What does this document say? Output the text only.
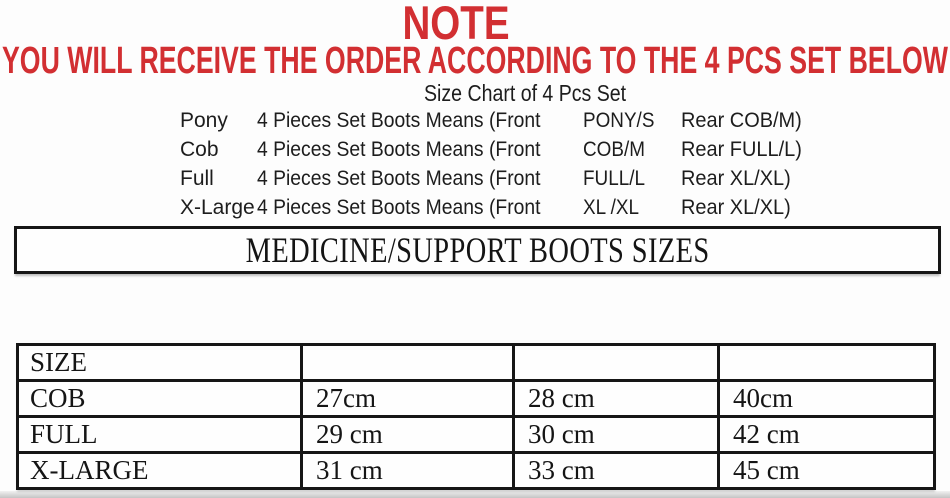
NOTE
YOU WILL RECEIVE THE ORDER ACCORDING TO THE 4 PCS SET BELOW
Size Chart of 4 Pcs Set
Pony 4 Pieces Set Boots Means (Front PONY/S Rear COB/M)
Cob 4 Pieces Set Boots Means (Front COB/M Rear FULL/L)
Full 4 Pieces Set Boots Means (Front FULL/L Rear XL/XL)
X-Large 4 Pieces Set Boots Means (Front XL /XL Rear XL/XL)
MEDICINE/SUPPORT BOOTS SIZES
SIZE			
COB	27cm	28 cm	40cm
FULL	29 cm	30 cm	42 cm
X-LARGE	31 cm	33 cm	45 cm
